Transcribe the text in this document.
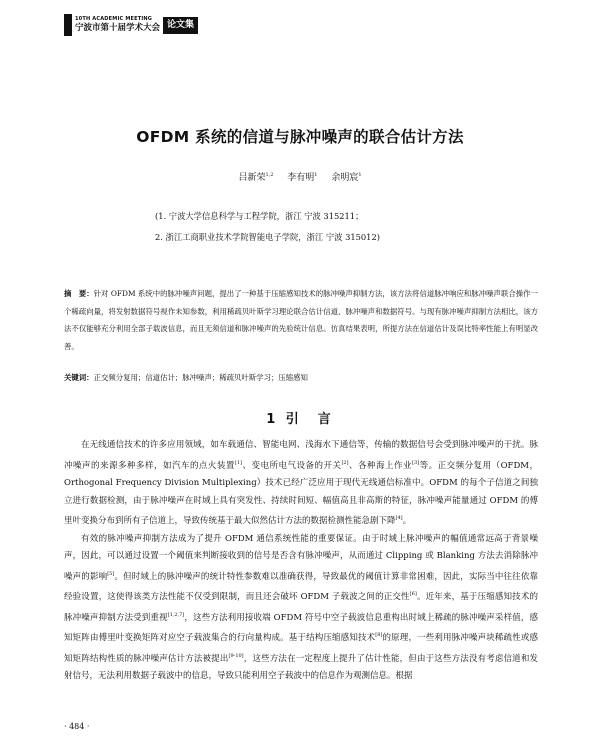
10TH ACADEMIC MEETING
宁波市第十届学术大会 论文集
OFDM 系统的信道与脉冲噪声的联合估计方法
吕新荣$^{1,2}$   李有明$^1$   余明宸$^1$
(1. 宁波大学信息科学与工程学院，浙江 宁波 315211；
2. 浙江工商职业技术学院智能电子学院，浙江 宁波 315012)
摘　要：针对 OFDM 系统中的脉冲噪声问题，提出了一种基于压缩感知技术的脉冲噪声抑制方法，该方法将信道脉冲响应和脉冲噪声联合操作一个稀疏向量，将发射数据符号视作未知参数，利用稀疏贝叶斯学习理论联合估计信道、脉冲噪声和数据符号。与现有脉冲噪声抑制方法相比，该方法不仅能够充分利用全部子载波信息，而且无须信道和脉冲噪声的先验统计信息。仿真结果表明，所提方法在信道估计及误比特率性能上有明显改善。
关键词：正交频分复用；信道估计；脉冲噪声；稀疏贝叶斯学习；压缩感知
1 引　言

在无线通信技术的许多应用领域，如车载通信、智能电网、浅海水下通信等，传输的数据信号会受到脉冲噪声的干扰。脉冲噪声的来源多种多样，如汽车的点火装置[1]、变电所电气设备的开关[2]、各种海上作业[3]等。正交频分复用（OFDM，Orthogonal Frequency Division Multiplexing）技术已经广泛应用于现代无线通信标准中。OFDM 的每个子信道之间独立进行数据检测，由于脉冲噪声在时域上具有突发性、持续时间短、幅值高且非高斯的特征，脉冲噪声能量通过 OFDM 的傅里叶变换分布到所有子信道上，导致传统基于最大似然估计方法的数据检测性能急剧下降[4]。

有效的脉冲噪声抑制方法成为了提升 OFDM 通信系统性能的重要保证。由于时域上脉冲噪声的幅值通常远高于背景噪声，因此，可以通过设置一个阈值来判断接收到的信号是否含有脉冲噪声，从而通过 Clipping 或 Blanking 方法去消除脉冲噪声的影响[5]。但时域上的脉冲噪声的统计特性参数难以准确获得，导致最优的阈值计算非常困难，因此，实际当中往往依靠经验设置，这使得该类方法性能不仅受到限制，而且还会破坏 OFDM 子载波之间的正交性[6]。近年来，基于压缩感知技术的脉冲噪声抑制方法受到重视[1,2,7]，这些方法利用接收端 OFDM 符号中空子载波信息重构出时域上稀疏的脉冲噪声采样值，感知矩阵由傅里叶变换矩阵对应空子载波集合的行向量构成。基于结构压缩感知技术[8]的原理，一些利用脉冲噪声块稀疏性或感知矩阵结构性质的脉冲噪声估计方法被提出[9-10]，这些方法在一定程度上提升了估计性能，但由于这些方法没有考虑信道和发射信号，无法利用数据子载波中的信息，导致只能利用空子载波中的信息作为观测信息。根据

· 484 ·
